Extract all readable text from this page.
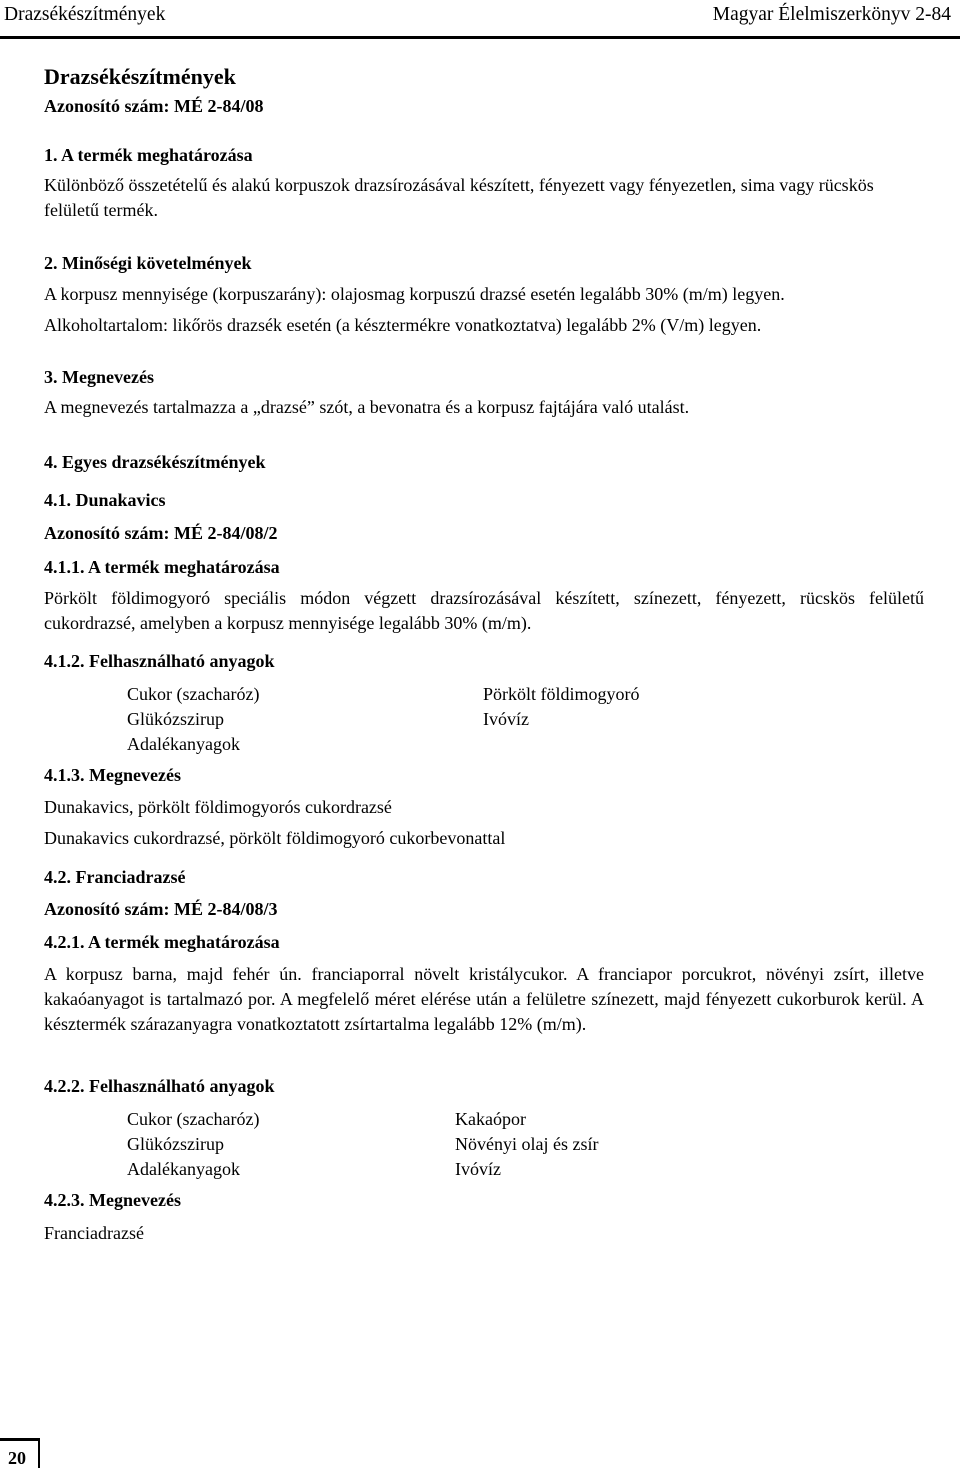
Drazsékészítmények	Magyar Élelmiszerkönyv 2-84
Drazsékészítmények
Azonosító szám: MÉ 2-84/08
1. A termék meghatározása
Különböző összetételű és alakú korpuszok drazsírozásával készített, fényezett vagy fényezetlen, sima vagy rücskös felületű termék.
2. Minőségi követelmények
A korpusz mennyisége (korpuszarány): olajosmag korpuszú drazsé esetén legalább 30% (m/m) legyen.
Alkoholtartalom: likőrös drazsék esetén (a késztermékre vonatkoztatva) legalább 2% (V/m) legyen.
3. Megnevezés
A megnevezés tartalmazza a „drazsé” szót, a bevonatra és a korpusz fajtájára való utalást.
4. Egyes drazsékészítmények
4.1. Dunakavics
Azonosító szám: MÉ 2-84/08/2
4.1.1. A termék meghatározása
Pörkölt földimogyoró speciális módon végzett drazsírozásával készített, színezett, fényezett, rücskös felületű cukordrazsé, amelyben a korpusz mennyisége legalább 30% (m/m).
4.1.2. Felhasználható anyagok
Cukor (szacharóz)
Glükózszirup
Adalékanyagok
Pörkölt földimogyoró
Ivóvíz
4.1.3. Megnevezés
Dunakavics, pörkölt földimogyorós cukordrazsé
Dunakavics cukordrazsé, pörkölt földimogyoró cukorbevonattal
4.2. Franciadrazsé
Azonosító szám: MÉ 2-84/08/3
4.2.1. A termék meghatározása
A korpusz barna, majd fehér ún. franciaporral növelt kristálycukor. A franciapor porcukrot, növényi zsírt, illetve kakaóanyagot is tartalmazó por. A megfelelő méret elérése után a felületre színezett, majd fényezett cukorburok kerül. A késztermék szárazanyagra vonatkoztatott zsírtartalma legalább 12% (m/m).
4.2.2. Felhasználható anyagok
Cukor (szacharóz)
Glükózszirup
Adalékanyagok
Kakaópor
Növényi olaj és zsír
Ivóvíz
4.2.3. Megnevezés
Franciadrazsé
20
